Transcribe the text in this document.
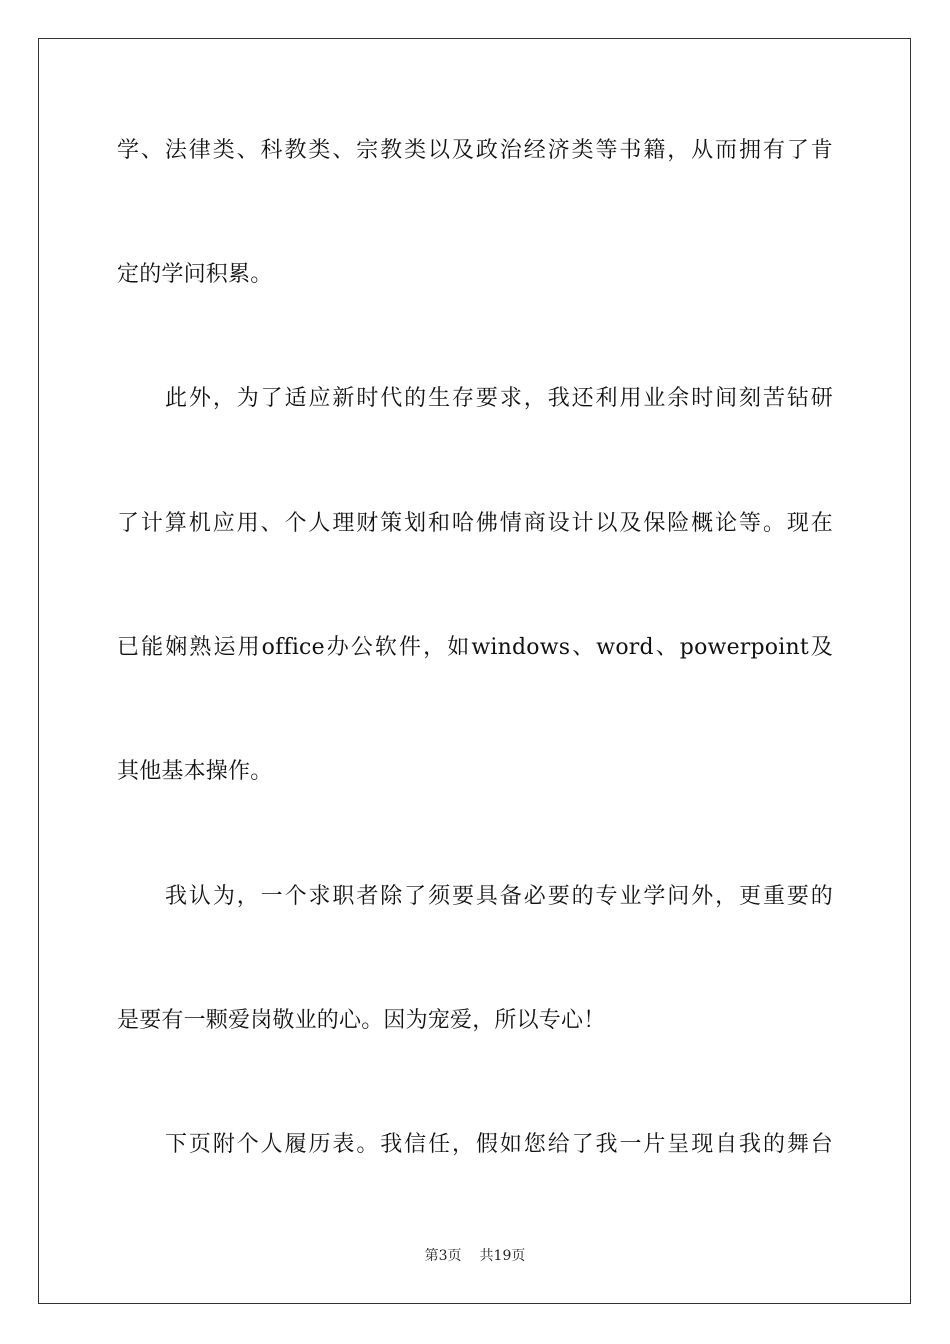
学、法律类、科教类、宗教类以及政治经济类等书籍，从而拥有了肯
定的学问积累。
此外，为了适应新时代的生存要求，我还利用业余时间刻苦钻研
了计算机应用、个人理财策划和哈佛情商设计以及保险概论等。现在
已能娴熟运用office办公软件，如windows、word、powerpoint及
其他基本操作。
我认为，一个求职者除了须要具备必要的专业学问外，更重要的
是要有一颗爱岗敬业的心。因为宠爱，所以专心！
下页附个人履历表。我信任，假如您给了我一片呈现自我的舞台
第3页 共19页
